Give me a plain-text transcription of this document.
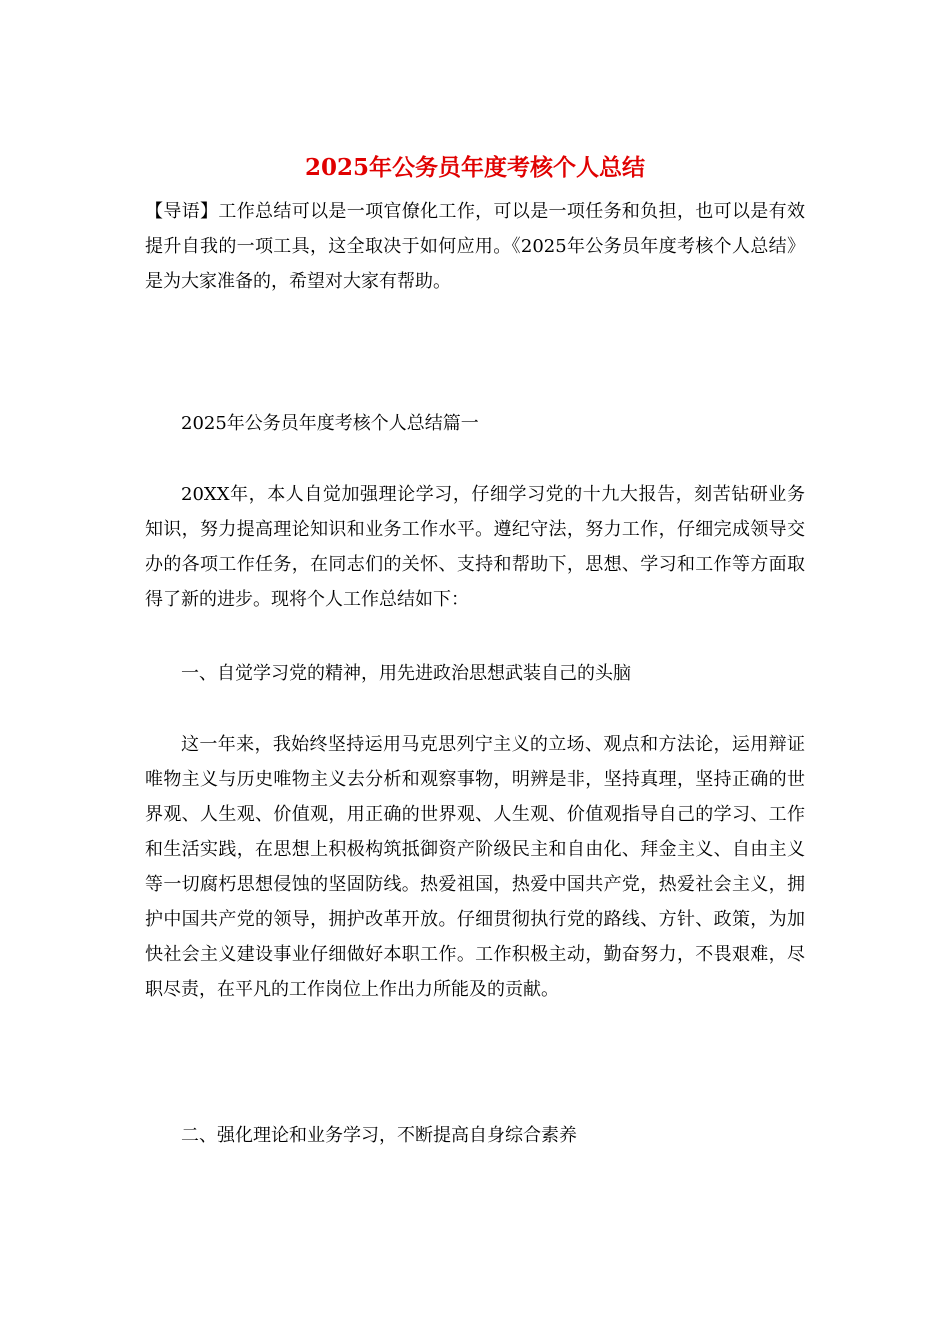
2025年公务员年度考核个人总结
【导语】工作总结可以是一项官僚化工作，可以是一项任务和负担，也可以是有效提升自我的一项工具，这全取决于如何应用。《2025年公务员年度考核个人总结》是为大家准备的，希望对大家有帮助。
2025年公务员年度考核个人总结篇一
20XX年，本人自觉加强理论学习，仔细学习党的十九大报告，刻苦钻研业务知识，努力提高理论知识和业务工作水平。遵纪守法，努力工作，仔细完成领导交办的各项工作任务，在同志们的关怀、支持和帮助下，思想、学习和工作等方面取得了新的进步。现将个人工作总结如下：
一、自觉学习党的精神，用先进政治思想武装自己的头脑
这一年来，我始终坚持运用马克思列宁主义的立场、观点和方法论，运用辩证唯物主义与历史唯物主义去分析和观察事物，明辨是非，坚持真理，坚持正确的世界观、人生观、价值观，用正确的世界观、人生观、价值观指导自己的学习、工作和生活实践，在思想上积极构筑抵御资产阶级民主和自由化、拜金主义、自由主义等一切腐朽思想侵蚀的坚固防线。热爱祖国，热爱中国共产党，热爱社会主义，拥护中国共产党的领导，拥护改革开放。仔细贯彻执行党的路线、方针、政策，为加快社会主义建设事业仔细做好本职工作。工作积极主动，勤奋努力，不畏艰难，尽职尽责，在平凡的工作岗位上作出力所能及的贡献。
二、强化理论和业务学习，不断提高自身综合素养
